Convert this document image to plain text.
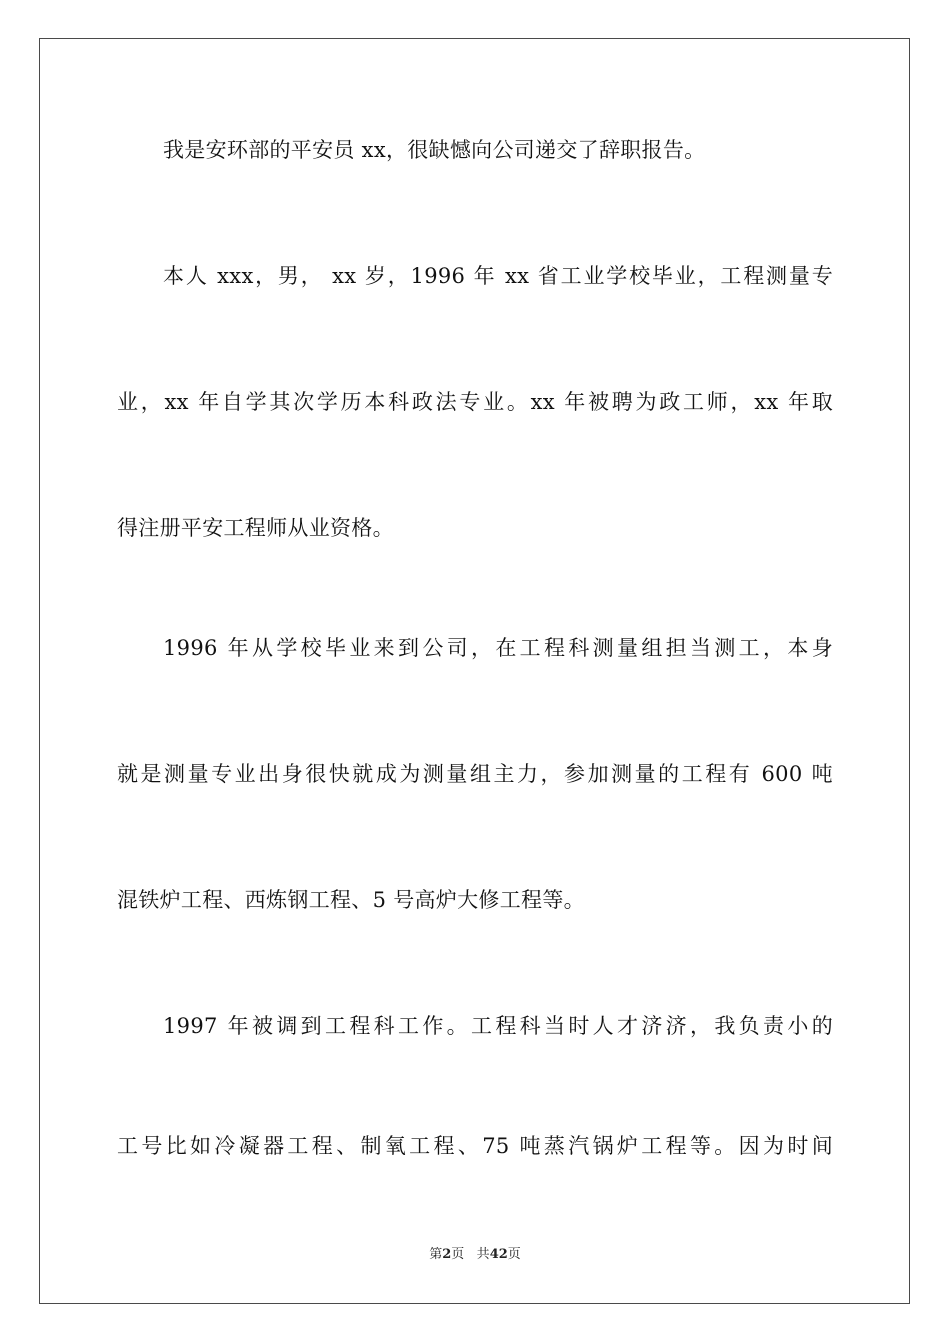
我是安环部的平安员 xx，很缺憾向公司递交了辞职报告。
本人 xxx，男， xx 岁，1996 年 xx 省工业学校毕业，工程测量专
业，xx 年自学其次学历本科政法专业。xx 年被聘为政工师，xx 年取
得注册平安工程师从业资格。
1996 年从学校毕业来到公司，在工程科测量组担当测工，本身
就是测量专业出身很快就成为测量组主力，参加测量的工程有 600 吨
混铁炉工程、西炼钢工程、5 号高炉大修工程等。
1997 年被调到工程科工作。工程科当时人才济济，我负责小的
工号比如冷凝器工程、制氧工程、75 吨蒸汽锅炉工程等。因为时间
第2页 共42页
